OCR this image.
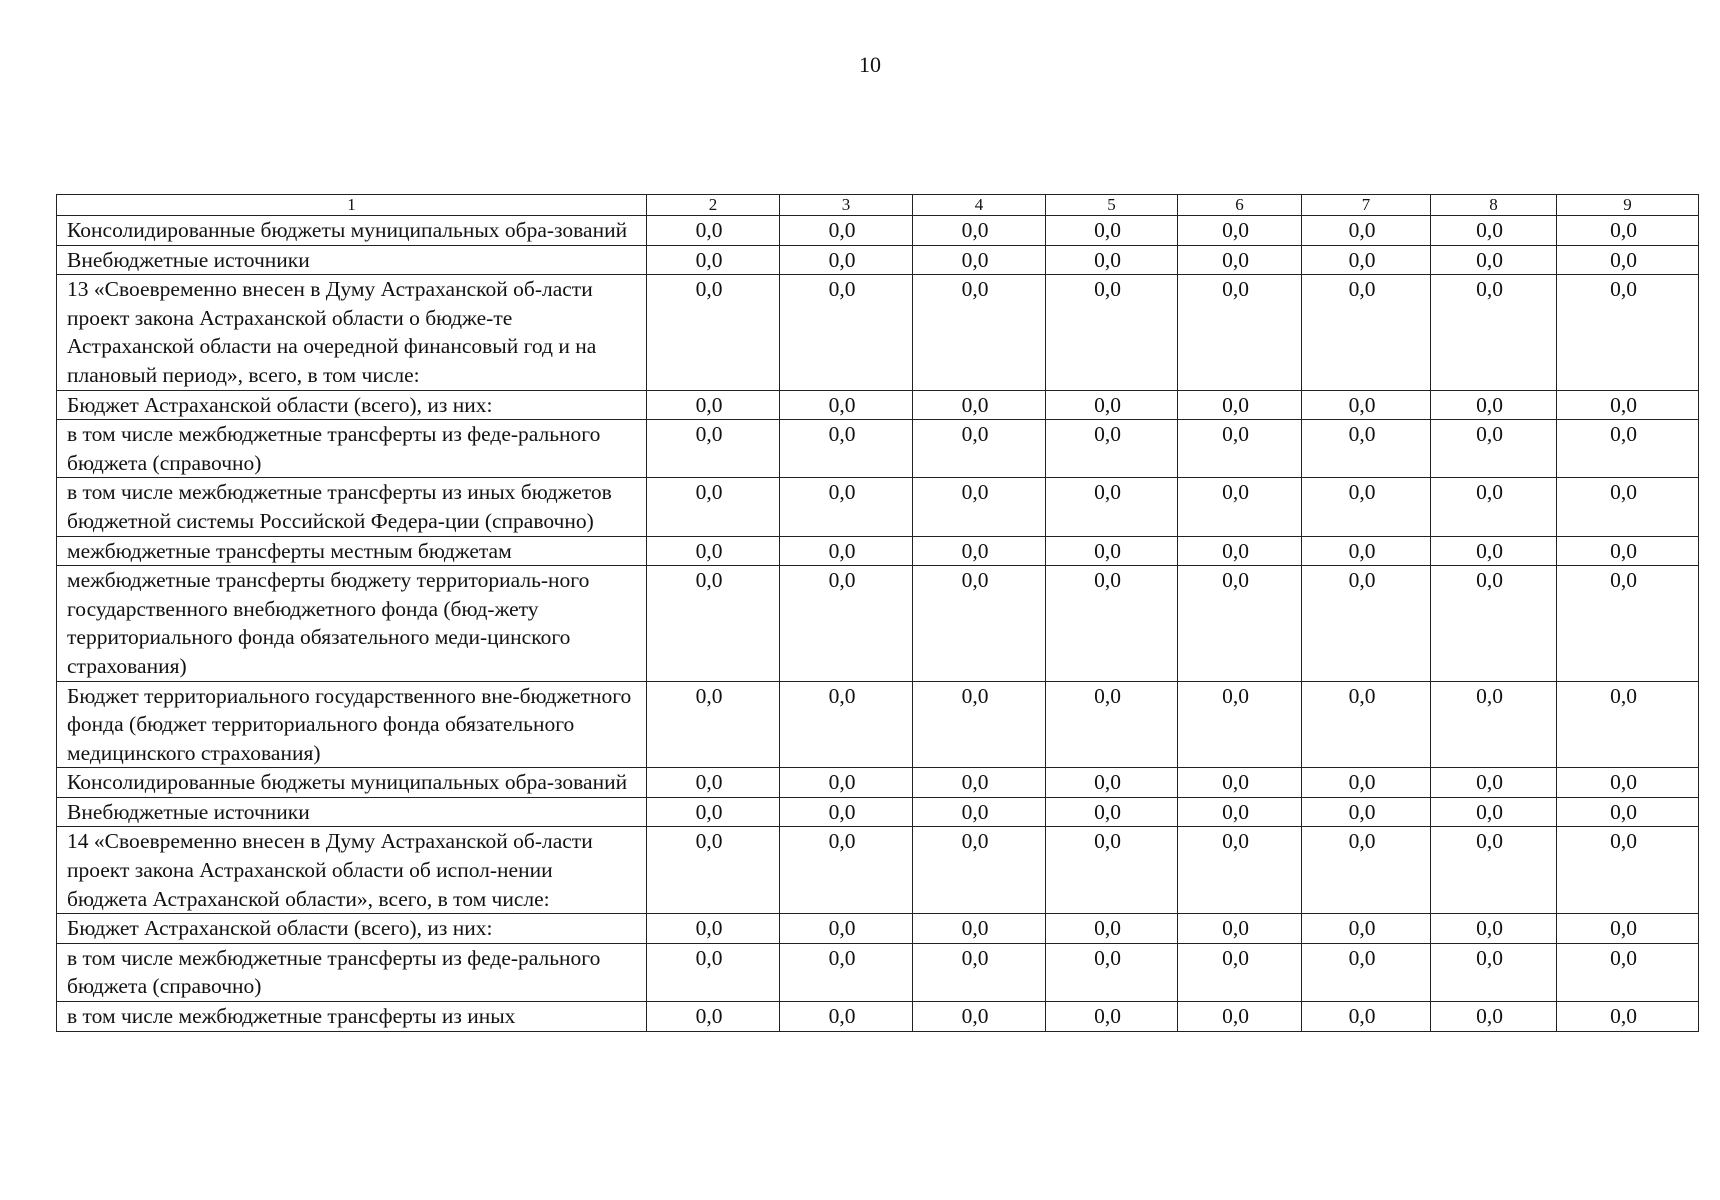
10
1	2	3	4	5	6	7	8	9
Консолидированные бюджеты муниципальных обра-зований	0,0	0,0	0,0	0,0	0,0	0,0	0,0	0,0
Внебюджетные источники	0,0	0,0	0,0	0,0	0,0	0,0	0,0	0,0
13 «Своевременно внесен в Думу Астраханской об-ласти проект закона Астраханской области о бюдже-те Астраханской области на очередной финансовый год и на плановый период», всего, в том числе:	0,0	0,0	0,0	0,0	0,0	0,0	0,0	0,0
Бюджет Астраханской области (всего), из них:	0,0	0,0	0,0	0,0	0,0	0,0	0,0	0,0
в том числе межбюджетные трансферты из феде-рального бюджета (справочно)	0,0	0,0	0,0	0,0	0,0	0,0	0,0	0,0
в том числе межбюджетные трансферты из иных бюджетов бюджетной системы Российской Федера-ции (справочно)	0,0	0,0	0,0	0,0	0,0	0,0	0,0	0,0
межбюджетные трансферты местным бюджетам	0,0	0,0	0,0	0,0	0,0	0,0	0,0	0,0
межбюджетные трансферты бюджету территориаль-ного государственного внебюджетного фонда (бюд-жету территориального фонда обязательного меди-цинского страхования)	0,0	0,0	0,0	0,0	0,0	0,0	0,0	0,0
Бюджет территориального государственного вне-бюджетного фонда (бюджет территориального фонда обязательного медицинского страхования)	0,0	0,0	0,0	0,0	0,0	0,0	0,0	0,0
Консолидированные бюджеты муниципальных обра-зований	0,0	0,0	0,0	0,0	0,0	0,0	0,0	0,0
Внебюджетные источники	0,0	0,0	0,0	0,0	0,0	0,0	0,0	0,0
14 «Своевременно внесен в Думу Астраханской об-ласти проект закона Астраханской области об испол-нении бюджета Астраханской области», всего, в том числе:	0,0	0,0	0,0	0,0	0,0	0,0	0,0	0,0
Бюджет Астраханской области (всего), из них:	0,0	0,0	0,0	0,0	0,0	0,0	0,0	0,0
в том числе межбюджетные трансферты из феде-рального бюджета (справочно)	0,0	0,0	0,0	0,0	0,0	0,0	0,0	0,0
в том числе межбюджетные трансферты из иных	0,0	0,0	0,0	0,0	0,0	0,0	0,0	0,0
